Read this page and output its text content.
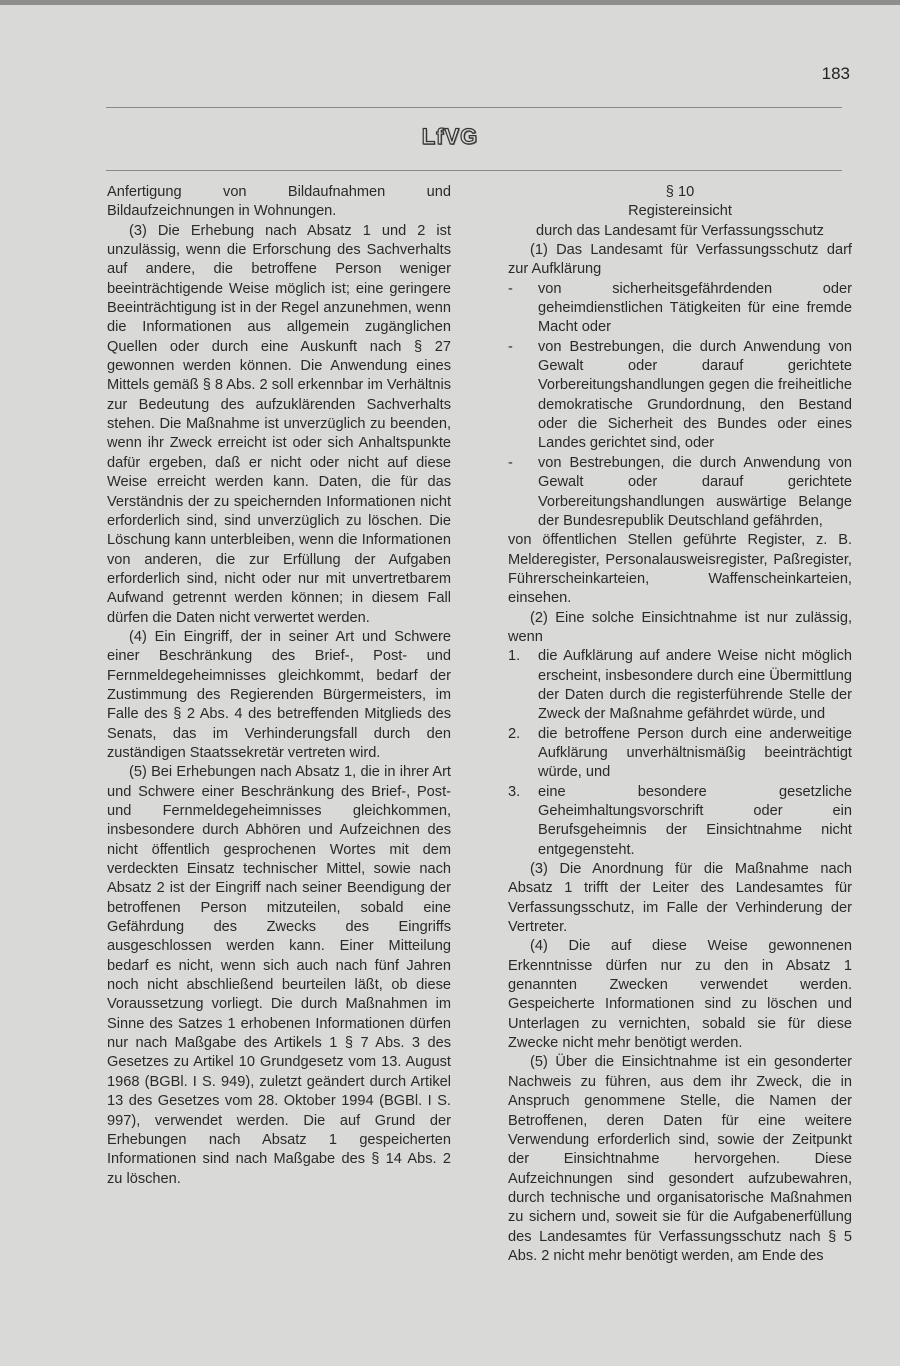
183
LfVG

Anfertigung von Bildaufnahmen und Bildaufzeichnungen in Wohnungen.

(3) Die Erhebung nach Absatz 1 und 2 ist unzulässig, wenn die Erforschung des Sachverhalts auf andere, die betroffene Person weniger beeinträchtigende Weise möglich ist; eine geringere Beeinträchtigung ist in der Regel anzunehmen, wenn die Informationen aus allgemein zugänglichen Quellen oder durch eine Auskunft nach § 27 gewonnen werden können. Die Anwendung eines Mittels gemäß § 8 Abs. 2 soll erkennbar im Verhältnis zur Bedeutung des aufzuklärenden Sachverhalts stehen. Die Maßnahme ist unverzüglich zu beenden, wenn ihr Zweck erreicht ist oder sich Anhaltspunkte dafür ergeben, daß er nicht oder nicht auf diese Weise erreicht werden kann. Daten, die für das Verständnis der zu speichernden Informationen nicht erforderlich sind, sind unverzüglich zu löschen. Die Löschung kann unterbleiben, wenn die Informationen von anderen, die zur Erfüllung der Aufgaben erforderlich sind, nicht oder nur mit unvertretbarem Aufwand getrennt werden können; in diesem Fall dürfen die Daten nicht verwertet werden.

(4) Ein Eingriff, der in seiner Art und Schwere einer Beschränkung des Brief-, Post- und Fernmeldegeheimnisses gleichkommt, bedarf der Zustimmung des Regierenden Bürgermeisters, im Falle des § 2 Abs. 4 des betreffenden Mitglieds des Senats, das im Verhinderungsfall durch den zuständigen Staatssekretär vertreten wird.

(5) Bei Erhebungen nach Absatz 1, die in ihrer Art und Schwere einer Beschränkung des Brief-, Post- und Fernmeldegeheimnisses gleichkommen, insbesondere durch Abhören und Aufzeichnen des nicht öffentlich gesprochenen Wortes mit dem verdeckten Einsatz technischer Mittel, sowie nach Absatz 2 ist der Eingriff nach seiner Beendigung der betroffenen Person mitzuteilen, sobald eine Gefährdung des Zwecks des Eingriffs ausgeschlossen werden kann. Einer Mitteilung bedarf es nicht, wenn sich auch nach fünf Jahren noch nicht abschließend beurteilen läßt, ob diese Voraussetzung vorliegt. Die durch Maßnahmen im Sinne des Satzes 1 erhobenen Informationen dürfen nur nach Maßgabe des Artikels 1 § 7 Abs. 3 des Gesetzes zu Artikel 10 Grundgesetz vom 13. August 1968 (BGBl. I S. 949), zuletzt geändert durch Artikel 13 des Gesetzes vom 28. Oktober 1994 (BGBl. I S. 997), verwendet werden. Die auf Grund der Erhebungen nach Absatz 1 gespeicherten Informationen sind nach Maßgabe des § 14 Abs. 2 zu löschen.

§ 10

Registereinsicht

durch das Landesamt für Verfassungsschutz

(1) Das Landesamt für Verfassungsschutz darf zur Aufklärung

-	von sicherheitsgefährdenden oder geheimdienstlichen Tätigkeiten für eine fremde Macht oder
-	von Bestrebungen, die durch Anwendung von Gewalt oder darauf gerichtete Vorbereitungshandlungen gegen die freiheitliche demokratische Grundordnung, den Bestand oder die Sicherheit des Bundes oder eines Landes gerichtet sind, oder
-	von Bestrebungen, die durch Anwendung von Gewalt oder darauf gerichtete Vorbereitungshandlungen auswärtige Belange der Bundesrepublik Deutschland gefährden,

von öffentlichen Stellen geführte Register, z. B. Melderegister, Personalausweisregister, Paßregister, Führerscheinkarteien, Waffenscheinkarteien, einsehen.

(2) Eine solche Einsichtnahme ist nur zulässig, wenn

1.	die Aufklärung auf andere Weise nicht möglich erscheint, insbesondere durch eine Übermittlung der Daten durch die registerführende Stelle der Zweck der Maßnahme gefährdet würde, und
2.	die betroffene Person durch eine anderweitige Aufklärung unverhältnismäßig beeinträchtigt würde, und
3.	eine besondere gesetzliche Geheimhaltungsvorschrift oder ein Berufsgeheimnis der Einsichtnahme nicht entgegensteht.

(3) Die Anordnung für die Maßnahme nach Absatz 1 trifft der Leiter des Landesamtes für Verfassungsschutz, im Falle der Verhinderung der Vertreter.

(4) Die auf diese Weise gewonnenen Erkenntnisse dürfen nur zu den in Absatz 1 genannten Zwecken verwendet werden. Gespeicherte Informationen sind zu löschen und Unterlagen zu vernichten, sobald sie für diese Zwecke nicht mehr benötigt werden.

(5) Über die Einsichtnahme ist ein gesonderter Nachweis zu führen, aus dem ihr Zweck, die in Anspruch genommene Stelle, die Namen der Betroffenen, deren Daten für eine weitere Verwendung erforderlich sind, sowie der Zeitpunkt der Einsichtnahme hervorgehen. Diese Aufzeichnungen sind gesondert aufzubewahren, durch technische und organisatorische Maßnahmen zu sichern und, soweit sie für die Aufgabenerfüllung des Landesamtes für Verfassungsschutz nach § 5 Abs. 2 nicht mehr benötigt werden, am Ende des
